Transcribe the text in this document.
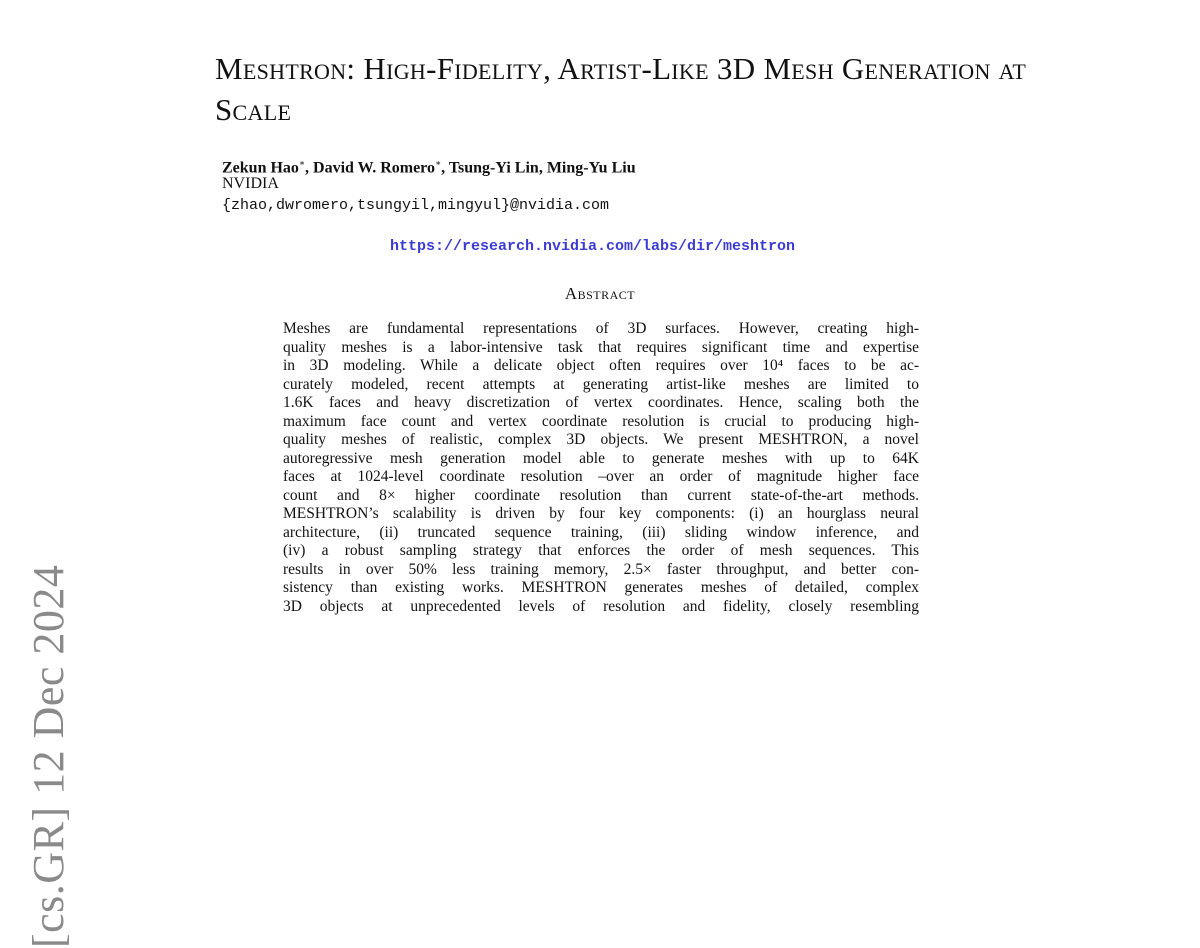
[cs.GR] 12 Dec 2024
Meshtron: High-Fidelity, Artist-Like 3D Mesh Generation at Scale
Zekun Hao∗, David W. Romero∗, Tsung-Yi Lin, Ming-Yu Liu
NVIDIA
{zhao,dwromero,tsungyil,mingyul}@nvidia.com
https://research.nvidia.com/labs/dir/meshtron
Abstract
Meshes are fundamental representations of 3D surfaces. However, creating high-
quality meshes is a labor-intensive task that requires significant time and expertise
in 3D modeling. While a delicate object often requires over 10⁴ faces to be ac-
curately modeled, recent attempts at generating artist-like meshes are limited to
1.6K faces and heavy discretization of vertex coordinates. Hence, scaling both the
maximum face count and vertex coordinate resolution is crucial to producing high-
quality meshes of realistic, complex 3D objects. We present MESHTRON, a novel
autoregressive mesh generation model able to generate meshes with up to 64K
faces at 1024-level coordinate resolution –over an order of magnitude higher face
count and 8× higher coordinate resolution than current state-of-the-art methods.
MESHTRON’s scalability is driven by four key components: (i) an hourglass neural
architecture, (ii) truncated sequence training, (iii) sliding window inference, and
(iv) a robust sampling strategy that enforces the order of mesh sequences. This
results in over 50% less training memory, 2.5× faster throughput, and better con-
sistency than existing works. MESHTRON generates meshes of detailed, complex
3D objects at unprecedented levels of resolution and fidelity, closely resembling
